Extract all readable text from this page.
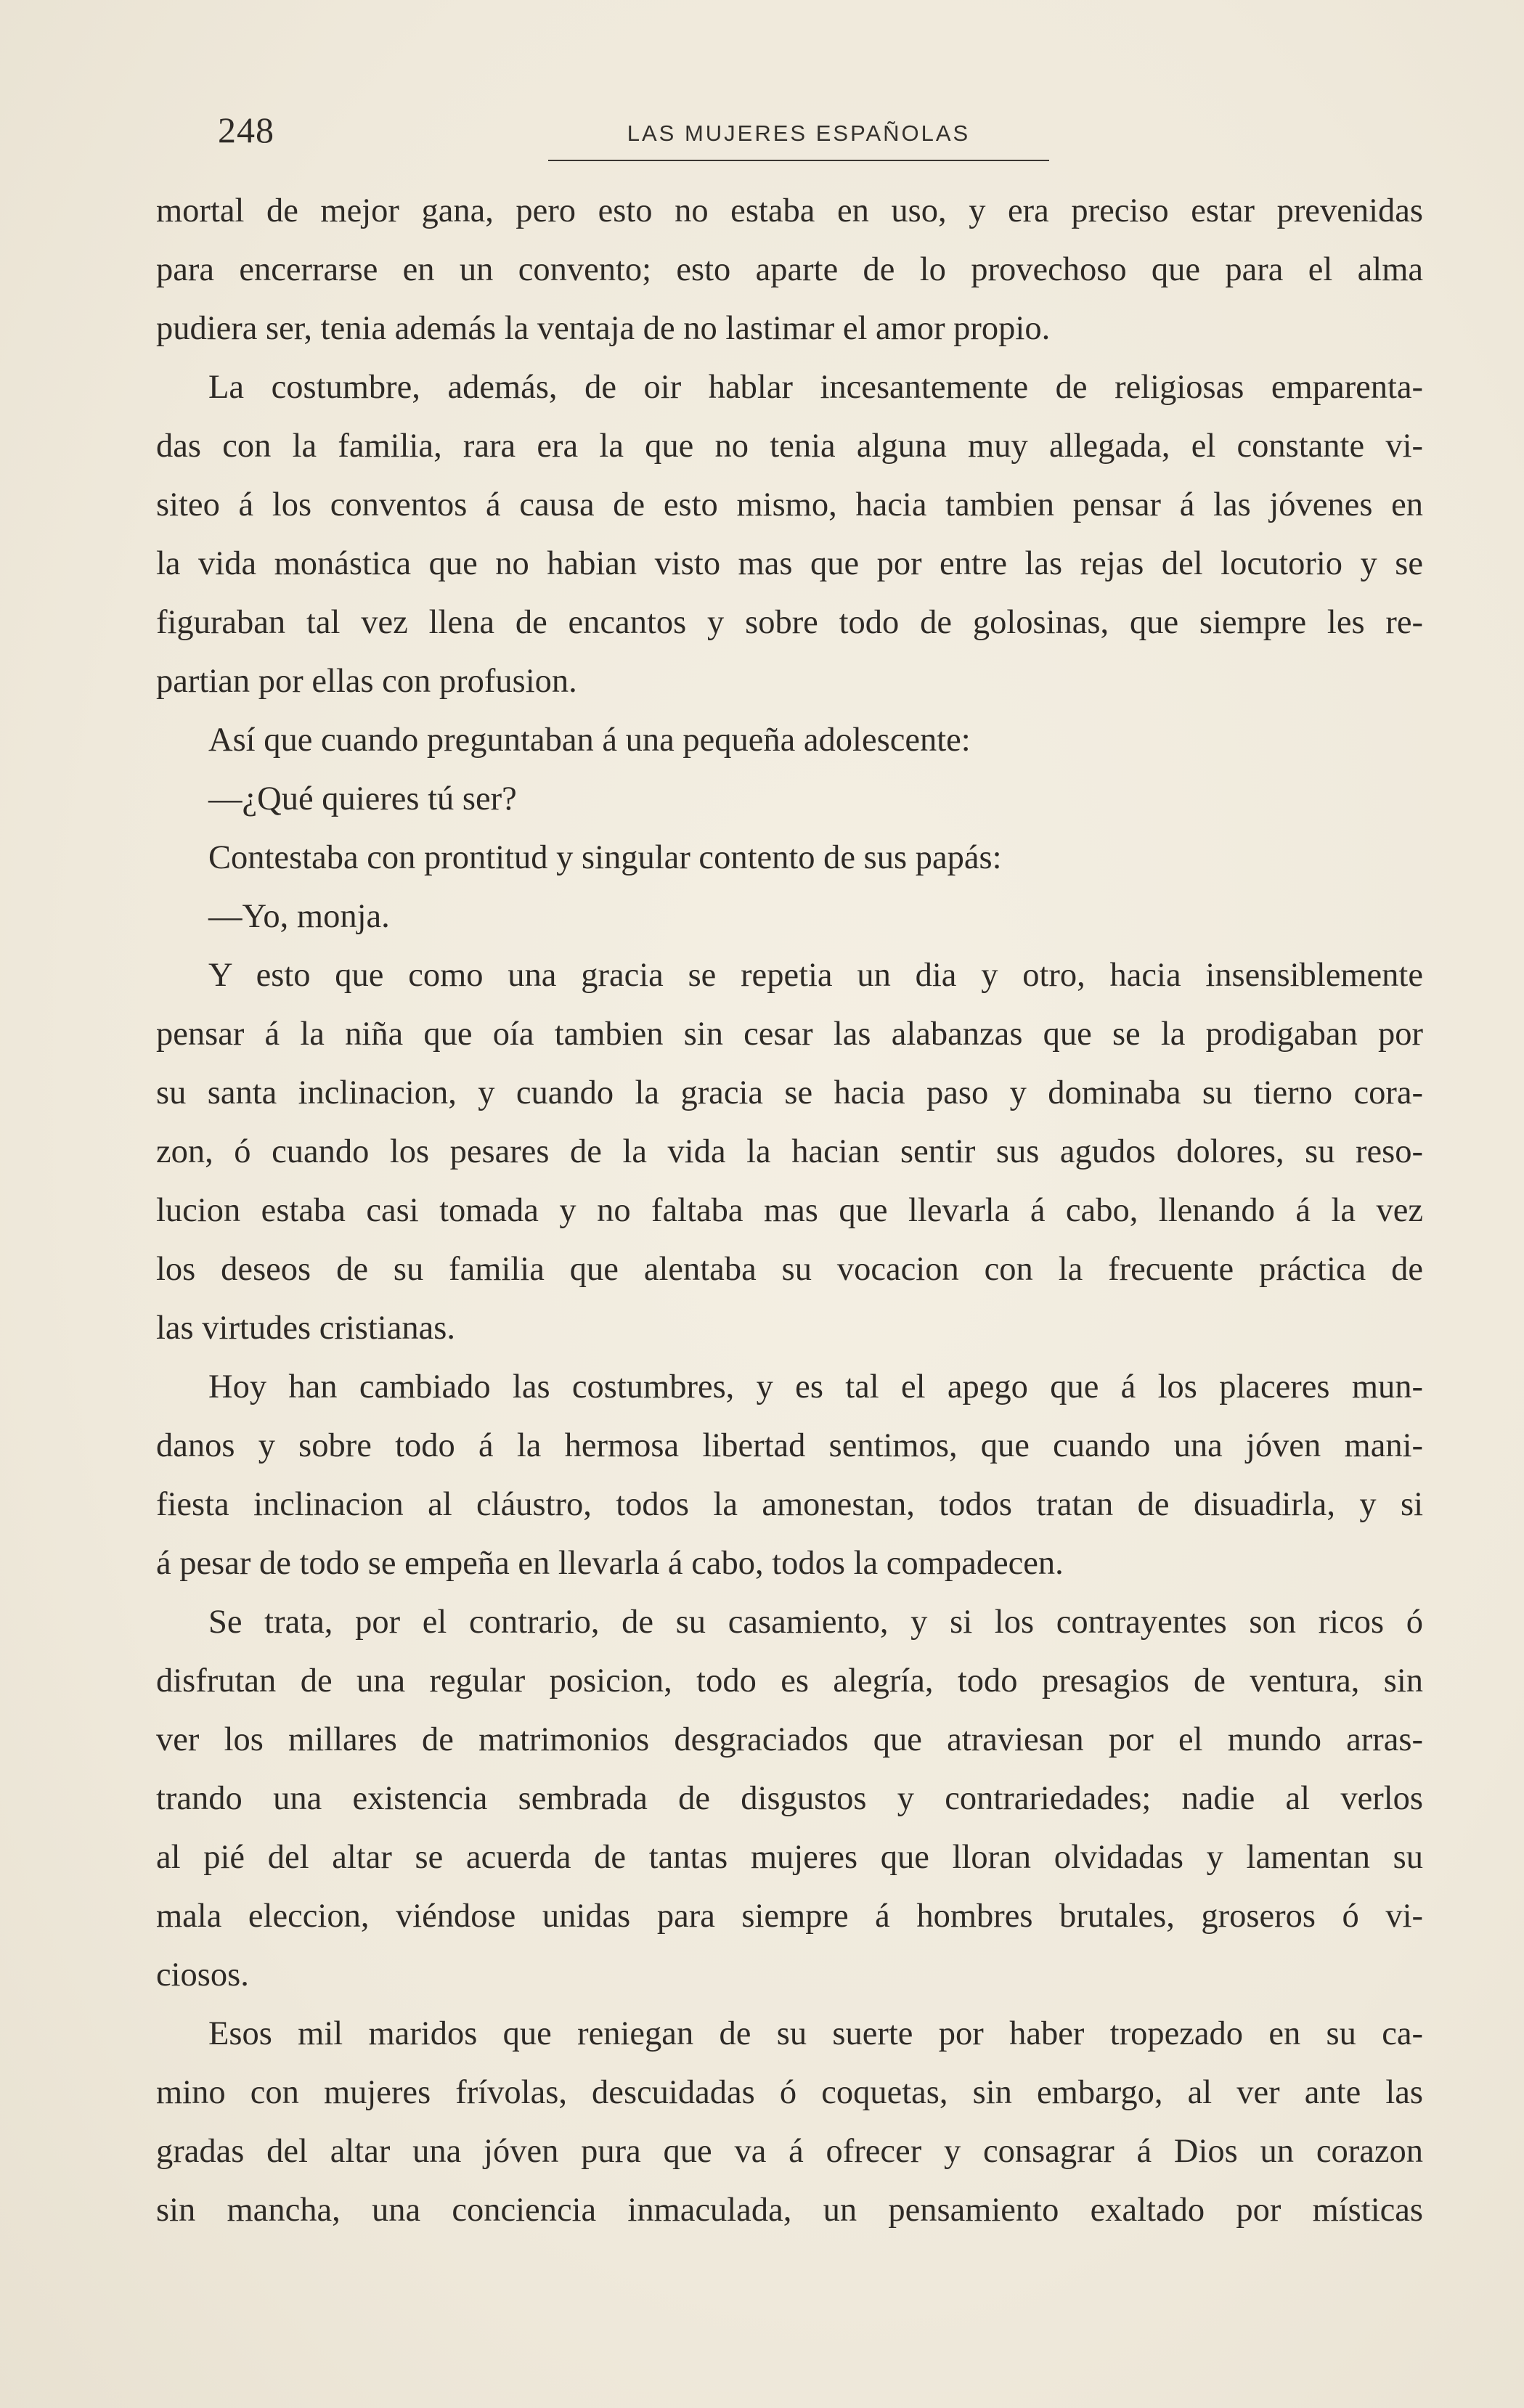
248	LAS MUJERES ESPAÑOLAS

mortal de mejor gana, pero esto no estaba en uso, y era preciso estar prevenidas
para encerrarse en un convento; esto aparte de lo provechoso que para el alma
pudiera ser, tenia además la ventaja de no lastimar el amor propio.

La costumbre, además, de oir hablar incesantemente de religiosas emparenta-
das con la familia, rara era la que no tenia alguna muy allegada, el constante vi-
siteo á los conventos á causa de esto mismo, hacia tambien pensar á las jóvenes en
la vida monástica que no habian visto mas que por entre las rejas del locutorio y se
figuraban tal vez llena de encantos y sobre todo de golosinas, que siempre les re-
partian por ellas con profusion.

Así que cuando preguntaban á una pequeña adolescente:

—¿Qué quieres tú ser?

Contestaba con prontitud y singular contento de sus papás:

—Yo, monja.

Y esto que como una gracia se repetia un dia y otro, hacia insensiblemente
pensar á la niña que oía tambien sin cesar las alabanzas que se la prodigaban por
su santa inclinacion, y cuando la gracia se hacia paso y dominaba su tierno cora-
zon, ó cuando los pesares de la vida la hacian sentir sus agudos dolores, su reso-
lucion estaba casi tomada y no faltaba mas que llevarla á cabo, llenando á la vez
los deseos de su familia que alentaba su vocacion con la frecuente práctica de
las virtudes cristianas.

Hoy han cambiado las costumbres, y es tal el apego que á los placeres mun-
danos y sobre todo á la hermosa libertad sentimos, que cuando una jóven mani-
fiesta inclinacion al cláustro, todos la amonestan, todos tratan de disuadirla, y si
á pesar de todo se empeña en llevarla á cabo, todos la compadecen.

Se trata, por el contrario, de su casamiento, y si los contrayentes son ricos ó
disfrutan de una regular posicion, todo es alegría, todo presagios de ventura, sin
ver los millares de matrimonios desgraciados que atraviesan por el mundo arras-
trando una existencia sembrada de disgustos y contrariedades; nadie al verlos
al pié del altar se acuerda de tantas mujeres que lloran olvidadas y lamentan su
mala eleccion, viéndose unidas para siempre á hombres brutales, groseros ó vi-
ciosos.

Esos mil maridos que reniegan de su suerte por haber tropezado en su ca-
mino con mujeres frívolas, descuidadas ó coquetas, sin embargo, al ver ante las
gradas del altar una jóven pura que va á ofrecer y consagrar á Dios un corazon
sin mancha, una conciencia inmaculada, un pensamiento exaltado por místicas
